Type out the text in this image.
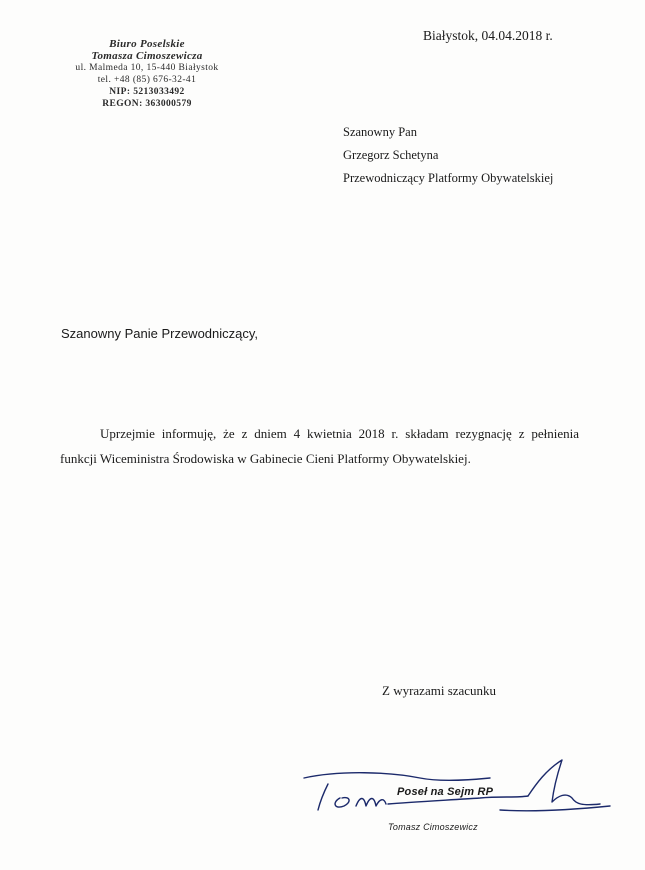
Biuro Poselskie
Tomasza Cimoszewicza
ul. Malmeda 10, 15-440 Białystok
tel. +48 (85) 676-32-41
NIP: 5213033492
REGON: 363000579
Białystok, 04.04.2018 r.
Szanowny Pan
Grzegorz Schetyna
Przewodniczący Platformy Obywatelskiej
Szanowny Panie Przewodniczący,
Uprzejmie informuję, że z dniem 4 kwietnia 2018 r. składam rezygnację z pełnienia
funkcji Wiceministra Środowiska w Gabinecie Cieni Platformy Obywatelskiej.
Z wyrazami szacunku
Poseł na Sejm RP
Tomasz Cimoszewicz
